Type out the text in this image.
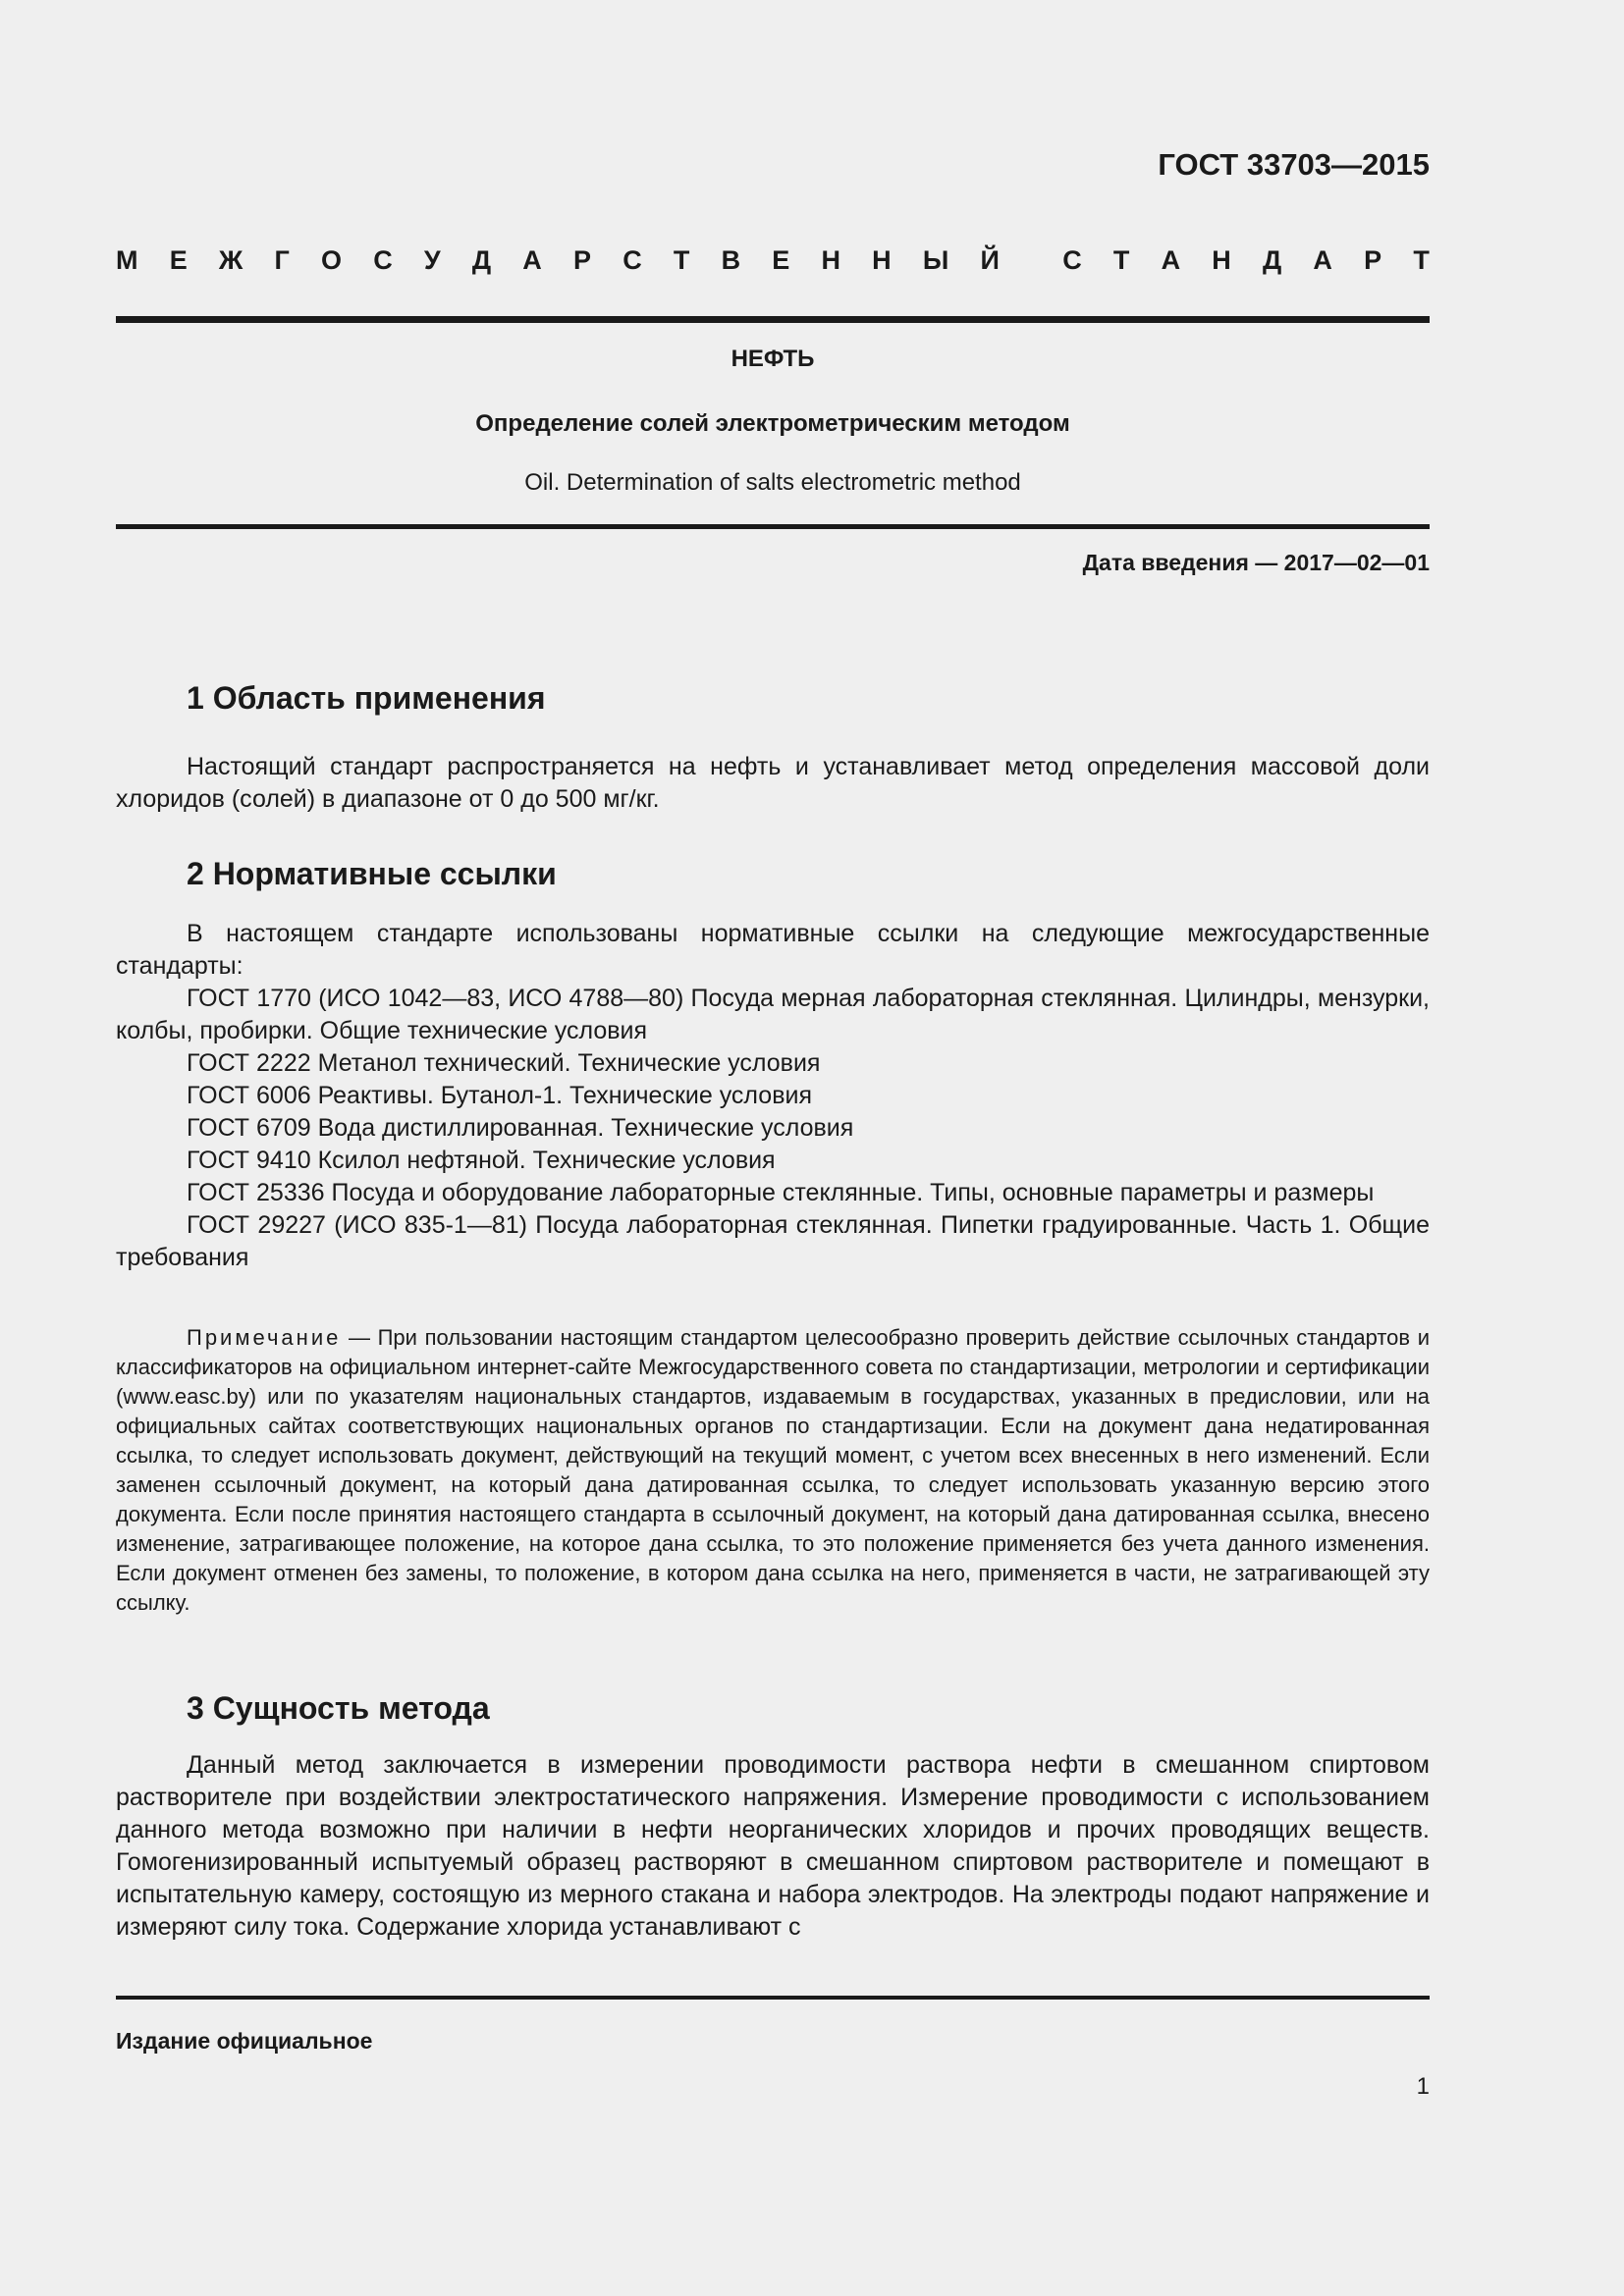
ГОСТ 33703—2015

М Е Ж Г О С У Д А Р С Т В Е Н Н Ы Й С Т А Н Д А Р Т
НЕФТЬ
Определение солей электрометрическим методом

Oil. Determination of salts electrometric method

Дата введения — 2017—02—01

1 Область применения

Настоящий стандарт распространяется на нефть и устанавливает метод определения массовой доли хлоридов (солей) в диапазоне от 0 до 500 мг/кг.

2 Нормативные ссылки

В настоящем стандарте использованы нормативные ссылки на следующие межгосударственные стандарты:

ГОСТ 1770 (ИСО 1042—83, ИСО 4788—80) Посуда мерная лабораторная стеклянная. Цилиндры, мензурки, колбы, пробирки. Общие технические условия

ГОСТ 2222 Метанол технический. Технические условия

ГОСТ 6006 Реактивы. Бутанол-1. Технические условия

ГОСТ 6709 Вода дистиллированная. Технические условия

ГОСТ 9410 Ксилол нефтяной. Технические условия

ГОСТ 25336 Посуда и оборудование лабораторные стеклянные. Типы, основные параметры и размеры

ГОСТ 29227 (ИСО 835-1—81) Посуда лабораторная стеклянная. Пипетки градуированные. Часть 1. Общие требования

Примечание — При пользовании настоящим стандартом целесообразно проверить действие ссылочных стандартов и классификаторов на официальном интернет-сайте Межгосударственного совета по стандартизации, метрологии и сертификации (www.easc.by) или по указателям национальных стандартов, издаваемым в государствах, указанных в предисловии, или на официальных сайтах соответствующих национальных органов по стандартизации. Если на документ дана недатированная ссылка, то следует использовать документ, действующий на текущий момент, с учетом всех внесенных в него изменений. Если заменен ссылочный документ, на который дана датированная ссылка, то следует использовать указанную версию этого документа. Если после принятия настоящего стандарта в ссылочный документ, на который дана датированная ссылка, внесено изменение, затрагивающее положение, на которое дана ссылка, то это положение применяется без учета данного изменения. Если документ отменен без замены, то положение, в котором дана ссылка на него, применяется в части, не затрагивающей эту ссылку.

3 Сущность метода

Данный метод заключается в измерении проводимости раствора нефти в смешанном спиртовом растворителе при воздействии электростатического напряжения. Измерение проводимости с использованием данного метода возможно при наличии в нефти неорганических хлоридов и прочих проводящих веществ. Гомогенизированный испытуемый образец растворяют в смешанном спиртовом растворителе и помещают в испытательную камеру, состоящую из мерного стакана и набора электродов. На электроды подают напряжение и измеряют силу тока. Содержание хлорида устанавливают с

Издание официальное

1
